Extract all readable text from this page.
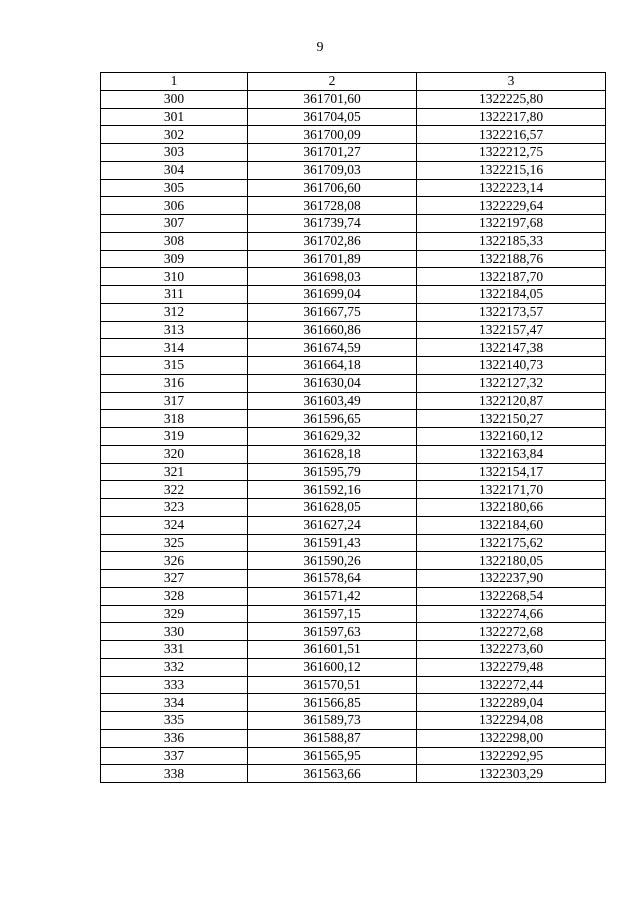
9
1	2	3
300	361701,60	1322225,80
301	361704,05	1322217,80
302	361700,09	1322216,57
303	361701,27	1322212,75
304	361709,03	1322215,16
305	361706,60	1322223,14
306	361728,08	1322229,64
307	361739,74	1322197,68
308	361702,86	1322185,33
309	361701,89	1322188,76
310	361698,03	1322187,70
311	361699,04	1322184,05
312	361667,75	1322173,57
313	361660,86	1322157,47
314	361674,59	1322147,38
315	361664,18	1322140,73
316	361630,04	1322127,32
317	361603,49	1322120,87
318	361596,65	1322150,27
319	361629,32	1322160,12
320	361628,18	1322163,84
321	361595,79	1322154,17
322	361592,16	1322171,70
323	361628,05	1322180,66
324	361627,24	1322184,60
325	361591,43	1322175,62
326	361590,26	1322180,05
327	361578,64	1322237,90
328	361571,42	1322268,54
329	361597,15	1322274,66
330	361597,63	1322272,68
331	361601,51	1322273,60
332	361600,12	1322279,48
333	361570,51	1322272,44
334	361566,85	1322289,04
335	361589,73	1322294,08
336	361588,87	1322298,00
337	361565,95	1322292,95
338	361563,66	1322303,29
